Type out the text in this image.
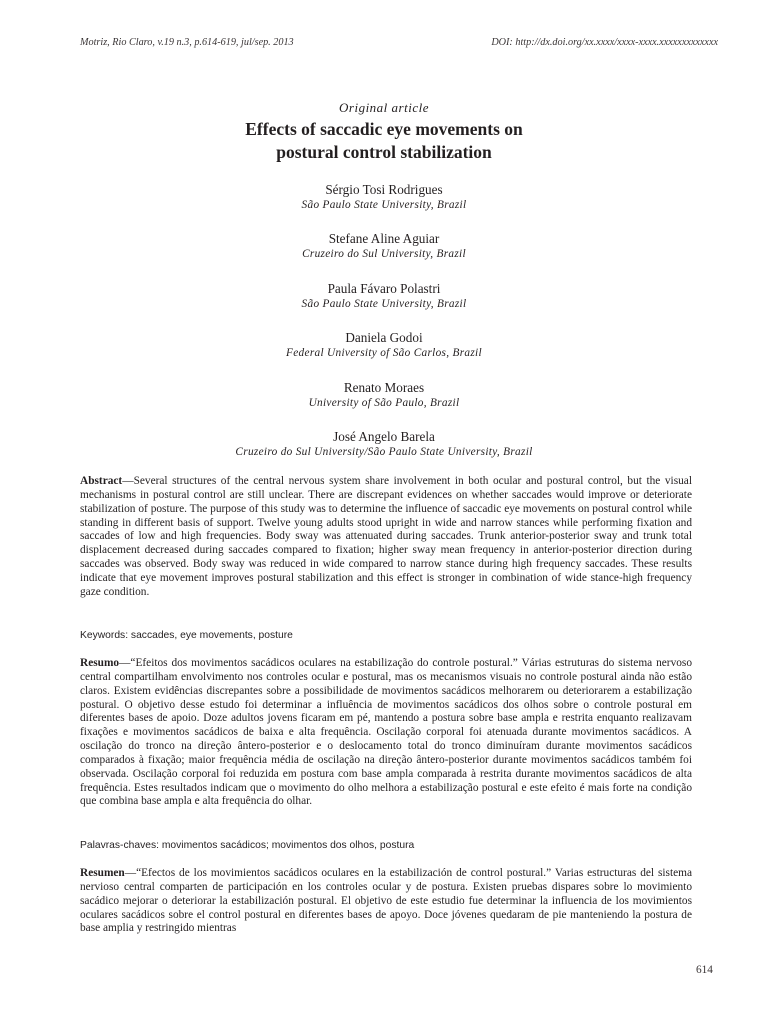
Motriz, Rio Claro, v.19 n.3, p.614-619, jul/sep. 2013	DOI: http://dx.doi.org/xx.xxxx/xxxx-xxxx.xxxxxxxxxxxxx
Original article
Effects of saccadic eye movements on
postural control stabilization
Sérgio Tosi Rodrigues
São Paulo State University, Brazil
Stefane Aline Aguiar
Cruzeiro do Sul University, Brazil
Paula Fávaro Polastri
São Paulo State University, Brazil
Daniela Godoi
Federal University of São Carlos, Brazil
Renato Moraes
University of São Paulo, Brazil
José Angelo Barela
Cruzeiro do Sul University/São Paulo State University, Brazil

Abstract—Several structures of the central nervous system share involvement in both ocular and postural control, but the visual mechanisms in postural control are still unclear. There are discrepant evidences on whether saccades would improve or deteriorate stabilization of posture. The purpose of this study was to determine the influence of saccadic eye movements on postural control while standing in different basis of support. Twelve young adults stood upright in wide and narrow stances while performing fixation and saccades of low and high frequencies. Body sway was attenuated during saccades. Trunk anterior-posterior sway and trunk total displacement decreased during saccades compared to fixation; higher sway mean frequency in anterior-posterior direction during saccades was observed. Body sway was reduced in wide compared to narrow stance during high frequency saccades. These results indicate that eye movement improves postural stabilization and this effect is stronger in combination of wide stance-high frequency gaze condition.

Keywords: saccades, eye movements, posture

Resumo—“Efeitos dos movimentos sacádicos oculares na estabilização do controle postural.” Várias estruturas do sistema nervoso central compartilham envolvimento nos controles ocular e postural, mas os mecanismos visuais no controle postural ainda não estão claros. Existem evidências discrepantes sobre a possibilidade de movimentos sacádicos melhorarem ou deteriorarem a estabilização postural. O objetivo desse estudo foi determinar a influência de movimentos sacádicos dos olhos sobre o controle postural em diferentes bases de apoio. Doze adultos jovens ficaram em pé, mantendo a postura sobre base ampla e restrita enquanto realizavam fixações e movimentos sacádicos de baixa e alta frequência. Oscilação corporal foi atenuada durante movimentos sacádicos. A oscilação do tronco na direção ântero-posterior e o deslocamento total do tronco diminuíram durante movimentos sacádicos comparados à fixação; maior frequência média de oscilação na direção ântero-posterior durante movimentos sacádicos também foi observada. Oscilação corporal foi reduzida em postura com base ampla comparada à restrita durante movimentos sacádicos de alta frequência. Estes resultados indicam que o movimento do olho melhora a estabilização postural e este efeito é mais forte na condição que combina base ampla e alta frequência do olhar.

Palavras-chaves: movimentos sacádicos; movimentos dos olhos, postura

Resumen—“Efectos de los movimientos sacádicos oculares en la estabilización de control postural.” Varias estructuras del sistema nervioso central comparten de participación en los controles ocular y de postura. Existen pruebas dispares sobre lo movimiento sacádico mejorar o deteriorar la estabilización postural. El objetivo de este estudio fue determinar la influencia de los movimientos oculares sacádicos sobre el control postural en diferentes bases de apoyo. Doce jóvenes quedaram de pie manteniendo la postura de base amplia y restringido mientras

614
